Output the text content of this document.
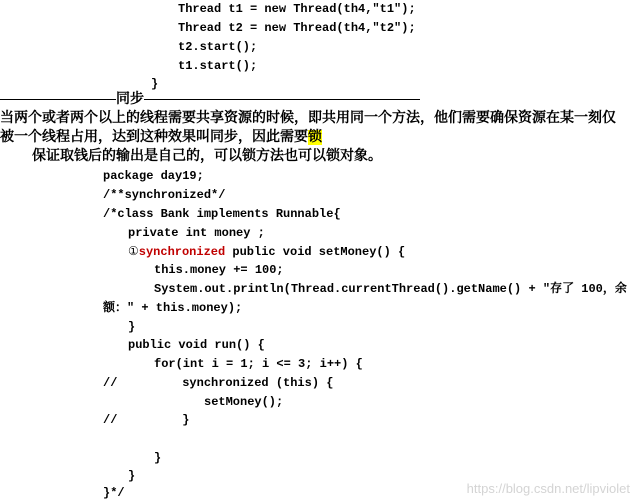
Thread t1 = new Thread(th4,"t1");
Thread t2 = new Thread(th4,"t2");
t2.start();
t1.start();
}
同步
当两个或者两个以上的线程需要共享资源的时候，即共用同一个方法，他们需要确保资源在某一刻仅
被一个线程占用，达到这种效果叫同步，因此需要锁
保证取钱后的输出是自己的，可以锁方法也可以锁对象。
package day19;
/**synchronized*/
/*class Bank implements Runnable{
private int money ;
①synchronized public void setMoney() {
this.money += 100;
System.out.println(Thread.currentThread().getName() + "存了 100，余
额：" + this.money);
}
public void run() {
for(int i = 1; i <= 3; i++) {
//         synchronized (this) {
setMoney();
//         }
}
}
}*/	https://blog.csdn.net/lipviolet
